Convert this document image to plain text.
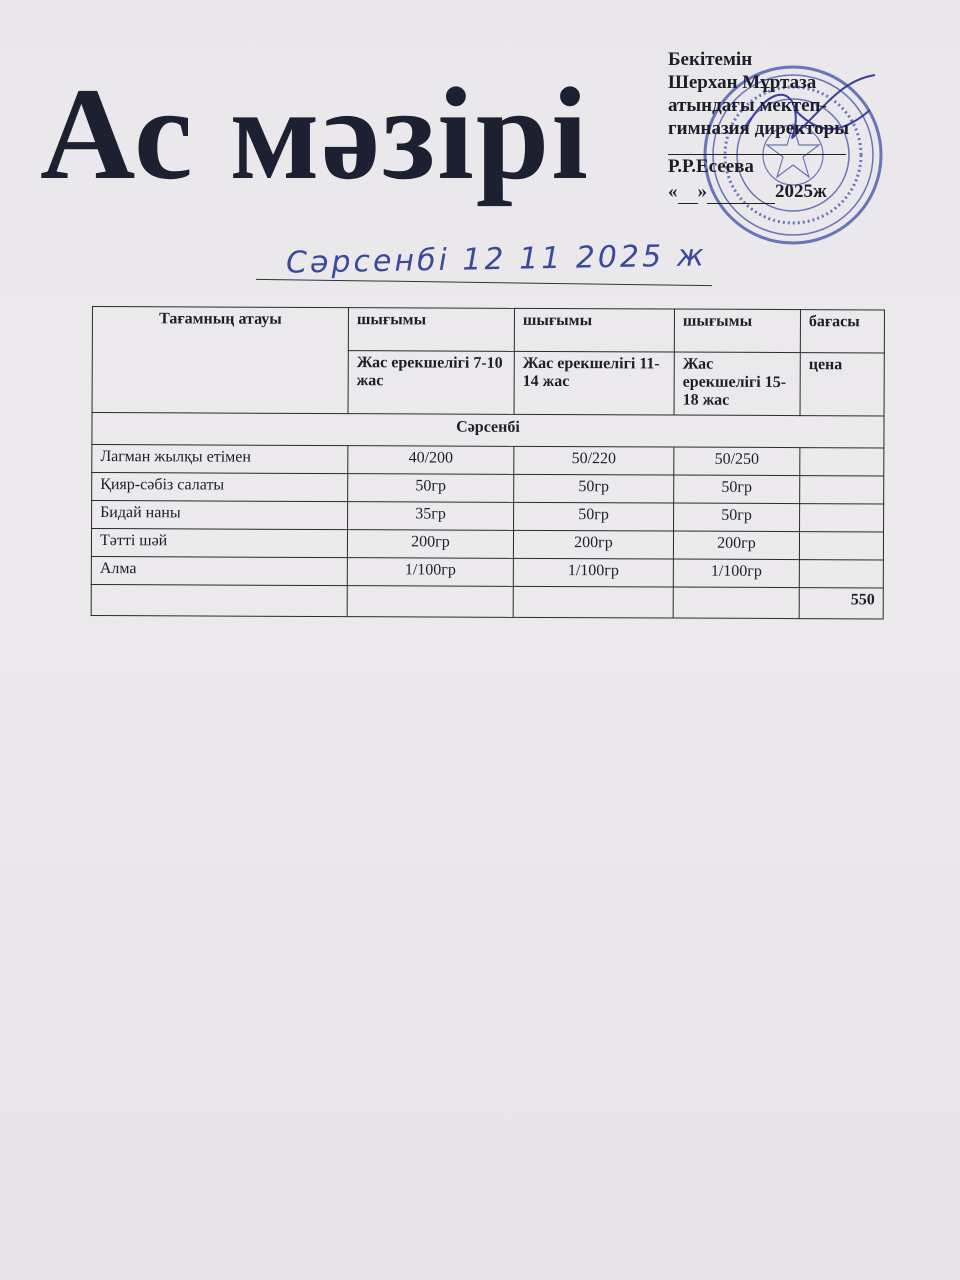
Ас мәзірі
Бекітемін
Шерхан Мұртаза
атындағы мектеп-
гимназия директоры
Р.Р.Есеева
« »	2025ж
Сәрсенбі 12 11 2025 ж
Тағамның атауы	шығымы	шығымы	шығымы	бағасы
	Жас ерекшелігі 7-10 жас	Жас ерекшелігі 11-14 жас	Жас ерекшелігі 15-18 жас	цена
Сәрсенбі				
Лагман жылқы етімен	40/200	50/220	50/250	
Қияр-сәбіз салаты	50гр	50гр	50гр	
Бидай наны	35гр	50гр	50гр	
Тәтті шәй	200гр	200гр	200гр	
Алма	1/100гр	1/100гр	1/100гр	
				550
